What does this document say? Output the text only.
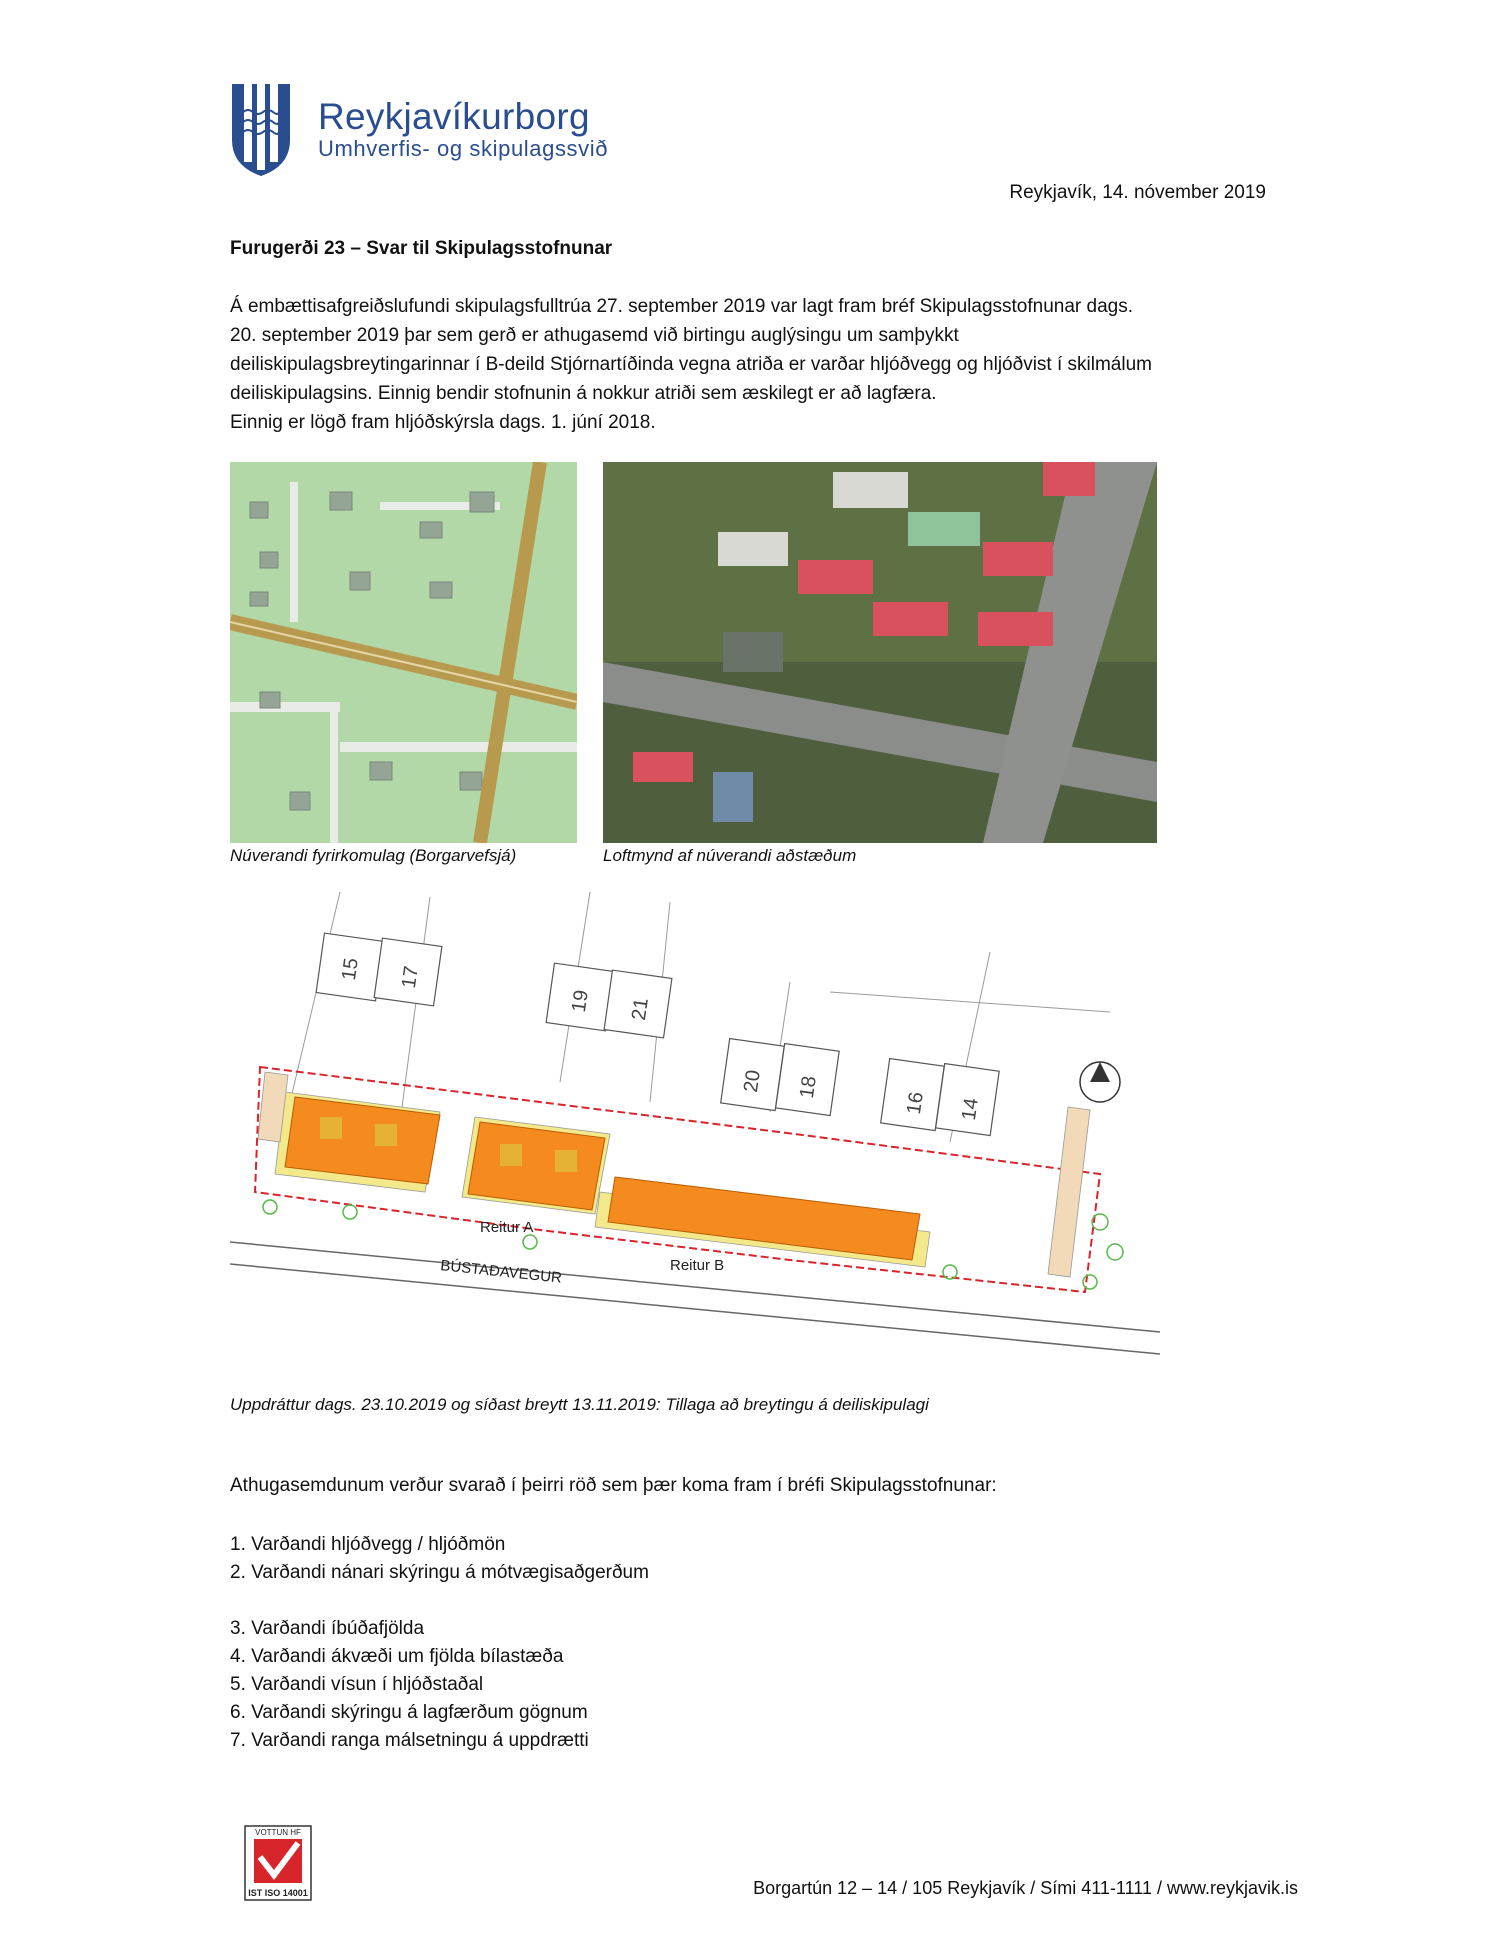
Reykjavíkurborg
Umhverfis- og skipulagssvið
Reykjavík, 14. nóvember 2019
Furugerði 23 – Svar til Skipulagsstofnunar

Á embættisafgreiðslufundi skipulagsfulltrúa 27. september 2019 var lagt fram bréf Skipulagsstofnunar dags.

20. september 2019 þar sem gerð er athugasemd við birtingu auglýsingu um samþykkt

deiliskipulagsbreytingarinnar í B-deild Stjórnartíðinda vegna atriða er varðar hljóðvegg og hljóðvist í skilmálum

deiliskipulagsins. Einnig bendir stofnunin á nokkur atriði sem æskilegt er að lagfæra.

Einnig er lögð fram hljóðskýrsla dags. 1. júní 2018.

Núverandi fyrirkomulag (Borgarvefsjá)	Loftmynd af núverandi aðstæðum
15 17
19 21
20 18
16 14
Reitur A
Reitur B
BÚSTAÐAVEGUR
Uppdráttur dags. 23.10.2019 og síðast breytt 13.11.2019: Tillaga að breytingu á deiliskipulagi
Athugasemdunum verður svarað í þeirri röð sem þær koma fram í bréfi Skipulagsstofnunar:
1. Varðandi hljóðvegg / hljóðmön
2. Varðandi nánari skýringu á mótvægisaðgerðum
3. Varðandi íbúðafjölda
4. Varðandi ákvæði um fjölda bílastæða
5. Varðandi vísun í hljóðstaðal
6. Varðandi skýringu á lagfærðum gögnum
7. Varðandi ranga málsetningu á uppdrætti
VOTTUN HF
IST ISO 14001	Borgartún 12 – 14 / 105 Reykjavík / Sími 411-1111 / www.reykjavik.is
